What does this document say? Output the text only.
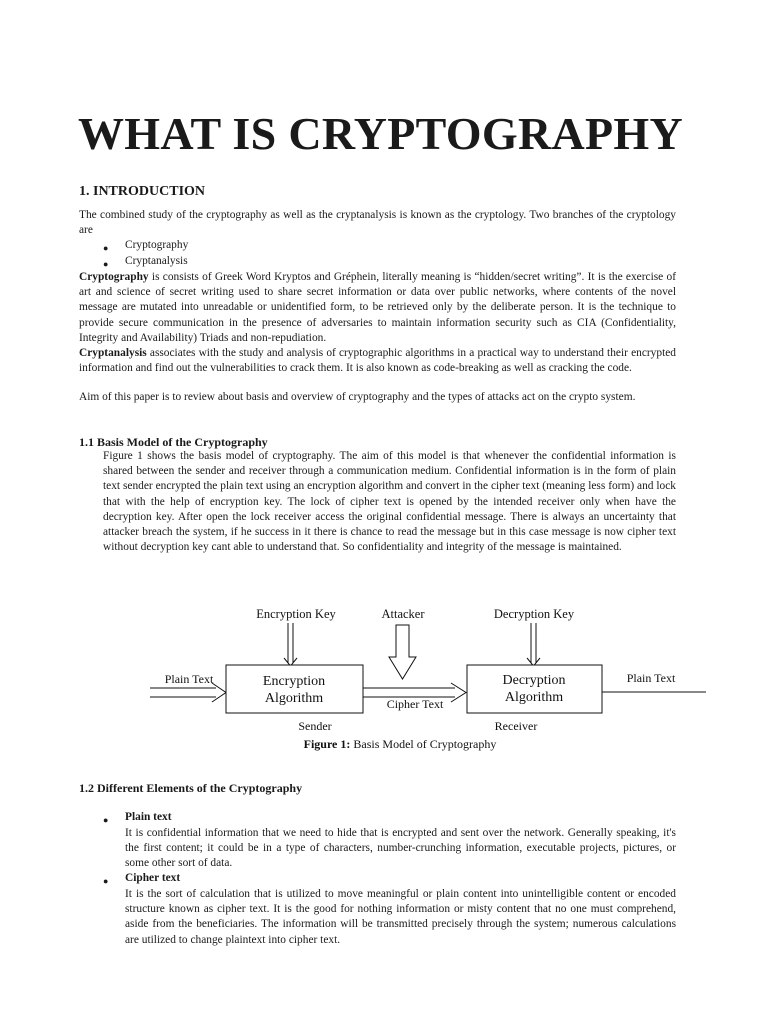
WHAT IS CRYPTOGRAPHY
1. INTRODUCTION

The combined study of the cryptography as well as the cryptanalysis is known as the cryptology. Two branches of the cryptology are

● Cryptography
● Cryptanalysis

Cryptography is consists of Greek Word Kryptos and Gréphein, literally meaning is “hidden/secret writing”. It is the exercise of art and science of secret writing used to share secret information or data over public networks, where contents of the novel message are mutated into unreadable or unidentified form, to be retrieved only by the deliberate person. It is the technique to provide secure communication in the presence of adversaries to maintain information security such as CIA (Confidentiality, Integrity and Availability) Triads and non-repudiation.

Cryptanalysis associates with the study and analysis of cryptographic algorithms in a practical way to understand their encrypted information and find out the vulnerabilities to crack them. It is also known as code-breaking as well as cracking the code.

Aim of this paper is to review about basis and overview of cryptography and the types of attacks act on the crypto system.

1.1 Basis Model of the Cryptography

Figure 1 shows the basis model of cryptography. The aim of this model is that whenever the confidential information is shared between the sender and receiver through a communication medium. Confidential information is in the form of plain text sender encrypted the plain text using an encryption algorithm and convert in the cipher text (meaning less form) and lock that with the help of encryption key. The lock of cipher text is opened by the intended receiver only when have the decryption key. After open the lock receiver access the original confidential message. There is always an uncertainty that attacker breach the system, if he success in it there is chance to read the message but in this case message is now cipher text without decryption key cant able to understand that. So confidentiality and integrity of the message is maintained.

Encryption Key	Attacker	Decryption Key
Plain Text	Encryption
Algorithm	Cipher Text
Decryption
Algorithm
Plain Text
Sender	Receiver
Figure 1: Basis Model of Cryptography
1.2 Different Elements of the Cryptography
● Plain text

It is confidential information that we need to hide that is encrypted and sent over the network. Generally speaking, it's the first content; it could be in a type of characters, number-crunching information, executable projects, pictures, or some other sort of data.

● Cipher text

It is the sort of calculation that is utilized to move meaningful or plain content into unintelligible content or encoded structure known as cipher text. It is the good for nothing information or misty content that no one must comprehend, aside from the beneficiaries. The information will be transmitted precisely through the system; numerous calculations are utilized to change plaintext into cipher text.
